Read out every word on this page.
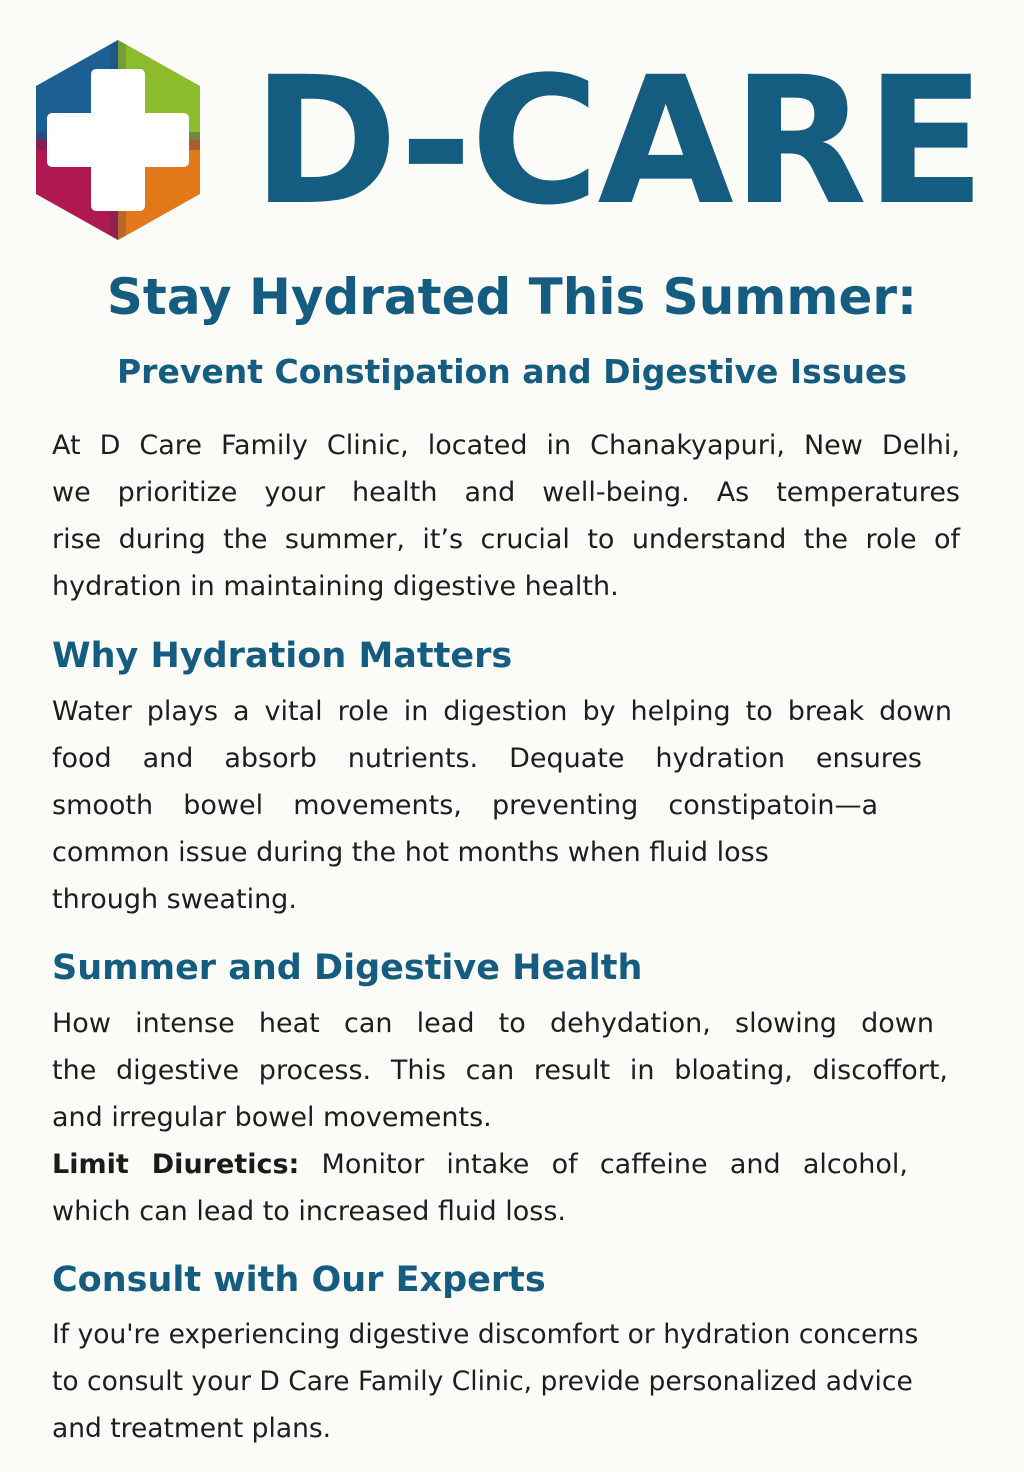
D-CARE
Stay Hydrated This Summer:
Prevent Constipation and Digestive Issues
At D Care Family Clinic, located in Chanakyapuri, New Delhi,
we prioritize your health and well-being. As temperatures
rise during the summer, it’s crucial to understand the role of
hydration in maintaining digestive health.
Why Hydration Matters
Water plays a vital role in digestion by helping to break down
food and absorb nutrients. Dequate hydration ensures
smooth bowel movements, preventing constipatoin—a
common issue during the hot months when fluid loss
through sweating.
Summer and Digestive Health
How intense heat can lead to dehydation, slowing down
the digestive process. This can result in bloating, discoffort,
and irregular bowel movements.
Limit Diuretics: Monitor intake of caffeine and alcohol,
which can lead to increased fluid loss.
Consult with Our Experts
If you're experiencing digestive discomfort or hydration concerns
to consult your D Care Family Clinic, previde personalized advice
and treatment plans.
